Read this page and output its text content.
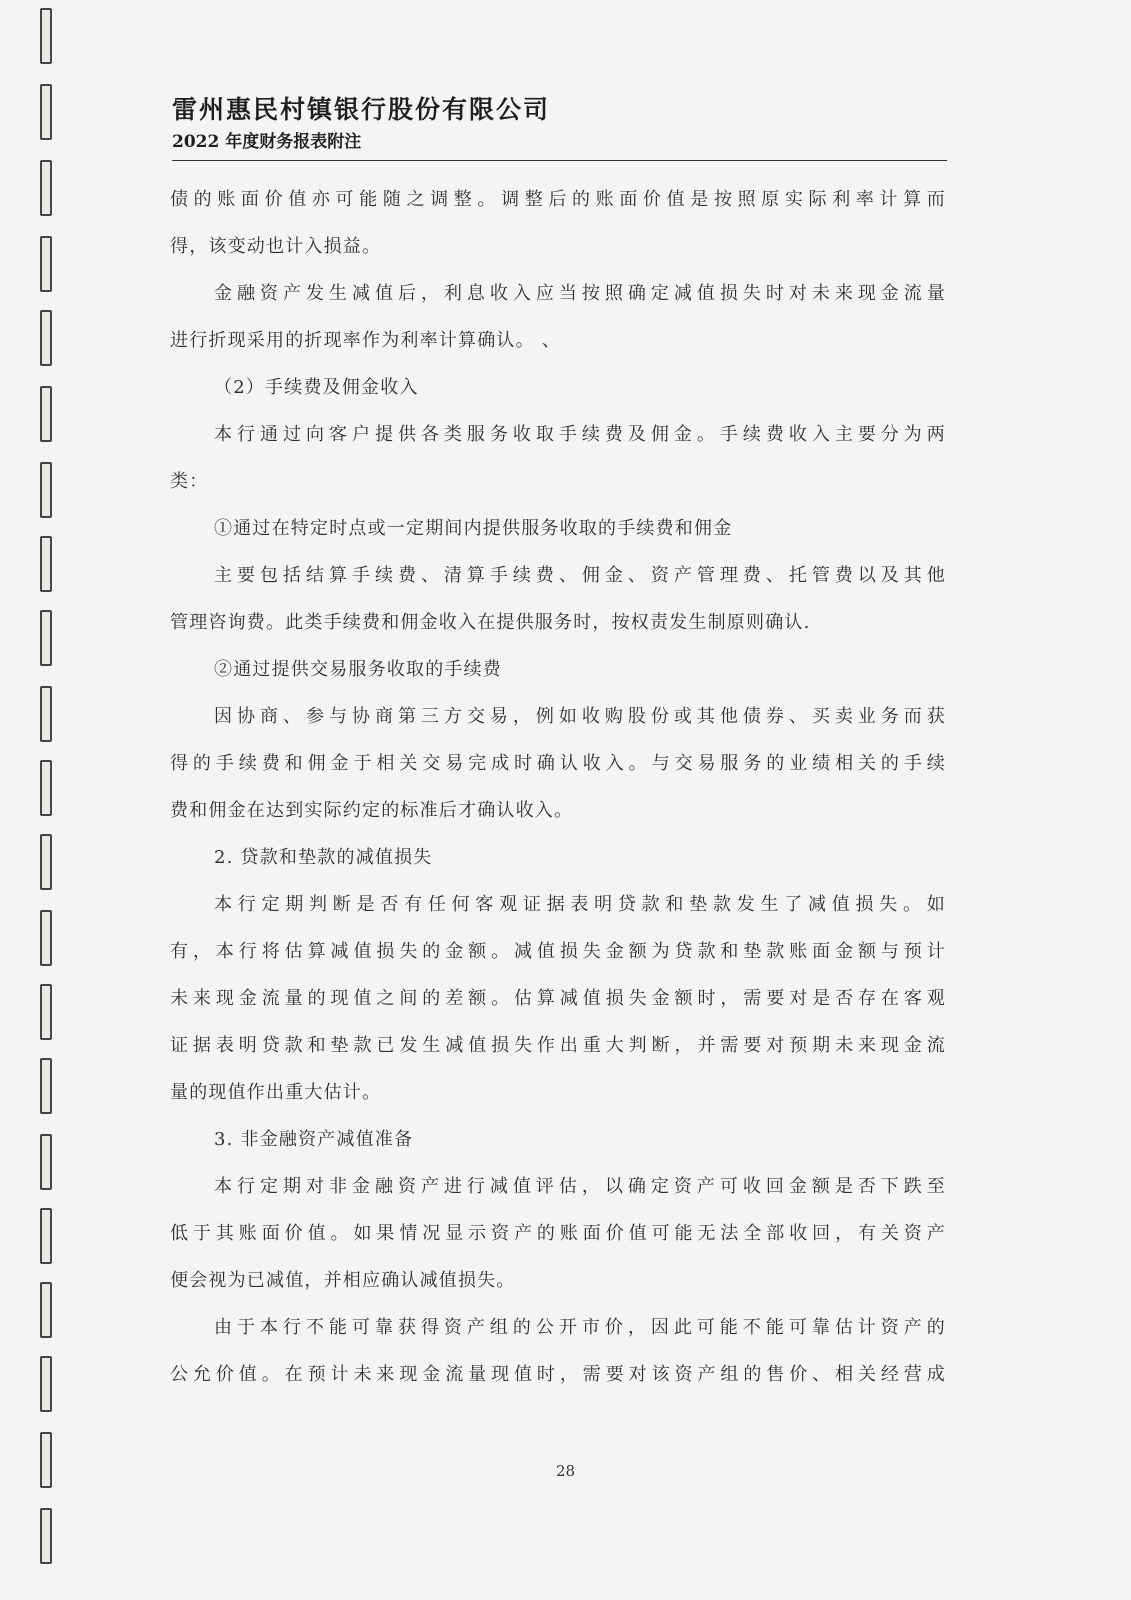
雷州惠民村镇银行股份有限公司

2022 年度财务报表附注

债的账面价值亦可能随之调整。调整后的账面价值是按照原实际利率计算而
得，该变动也计入损益。
金融资产发生减值后，利息收入应当按照确定减值损失时对未来现金流量
进行折现采用的折现率作为利率计算确认。 、
（2）手续费及佣金收入
本行通过向客户提供各类服务收取手续费及佣金。手续费收入主要分为两
类：
①通过在特定时点或一定期间内提供服务收取的手续费和佣金
主要包括结算手续费、清算手续费、佣金、资产管理费、托管费以及其他
管理咨询费。此类手续费和佣金收入在提供服务时，按权责发生制原则确认.
②通过提供交易服务收取的手续费
因协商、参与协商第三方交易，例如收购股份或其他债券、买卖业务而获
得的手续费和佣金于相关交易完成时确认收入。与交易服务的业绩相关的手续
费和佣金在达到实际约定的标准后才确认收入。
2. 贷款和垫款的减值损失
本行定期判断是否有任何客观证据表明贷款和垫款发生了减值损失。如
有，本行将估算减值损失的金额。减值损失金额为贷款和垫款账面金额与预计
未来现金流量的现值之间的差额。估算减值损失金额时，需要对是否存在客观
证据表明贷款和垫款已发生减值损失作出重大判断，并需要对预期未来现金流
量的现值作出重大估计。
3. 非金融资产减值准备
本行定期对非金融资产进行减值评估，以确定资产可收回金额是否下跌至
低于其账面价值。如果情况显示资产的账面价值可能无法全部收回，有关资产
便会视为已减值，并相应确认减值损失。
由于本行不能可靠获得资产组的公开市价，因此可能不能可靠估计资产的
公允价值。在预计未来现金流量现值时，需要对该资产组的售价、相关经营成
28
